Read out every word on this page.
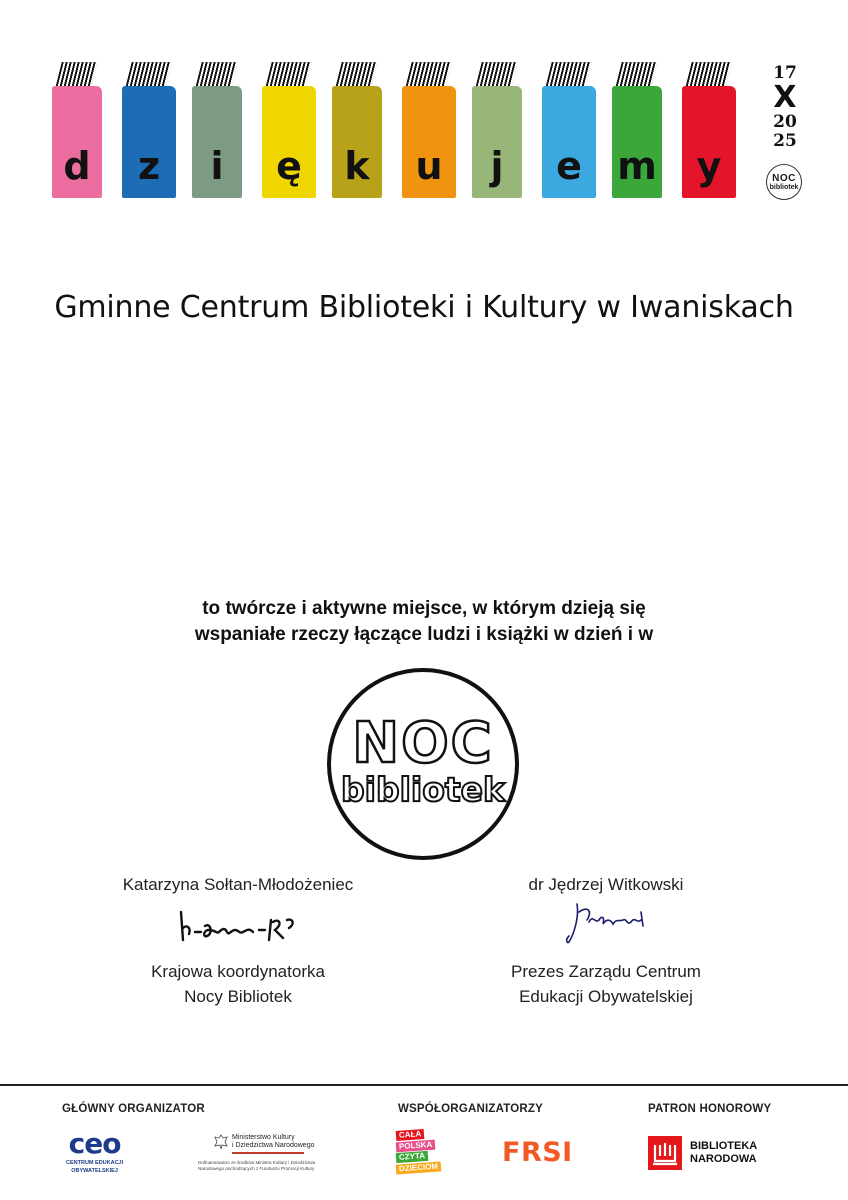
d	z	i	ę	k	u	j	e m	y
17
X
20
25
NOC
bibliotek
Gminne Centrum Biblioteki i Kultury w Iwaniskach
to twórcze i aktywne miejsce, w którym dzieją się
wspaniałe rzeczy łączące ludzi i książki w dzień i w
NOC
bibliotek
Katarzyna Sołtan-Młodożeniec
Krajowa koordynatorka
Nocy Bibliotek
dr Jędrzej Witkowski
Prezes Zarządu Centrum
Edukacji Obywatelskiej
GŁÓWNY ORGANIZATOR	WSPÓŁORGANIZATORZY	PATRON HONOROWY
ceo
CENTRUM EDUKACJI
OBYWATELSKIEJ
Ministerstwo Kultury
i Dziedzictwa Narodowego
Dofinansowano ze środków Ministra Kultury i Dziedzictwa
Narodowego pochodzących z Funduszu Promocji Kultury
CAŁA
POLSKA
CZYTA
DZIECIOM FRSI	BIBLIOTEKA
NARODOWA
